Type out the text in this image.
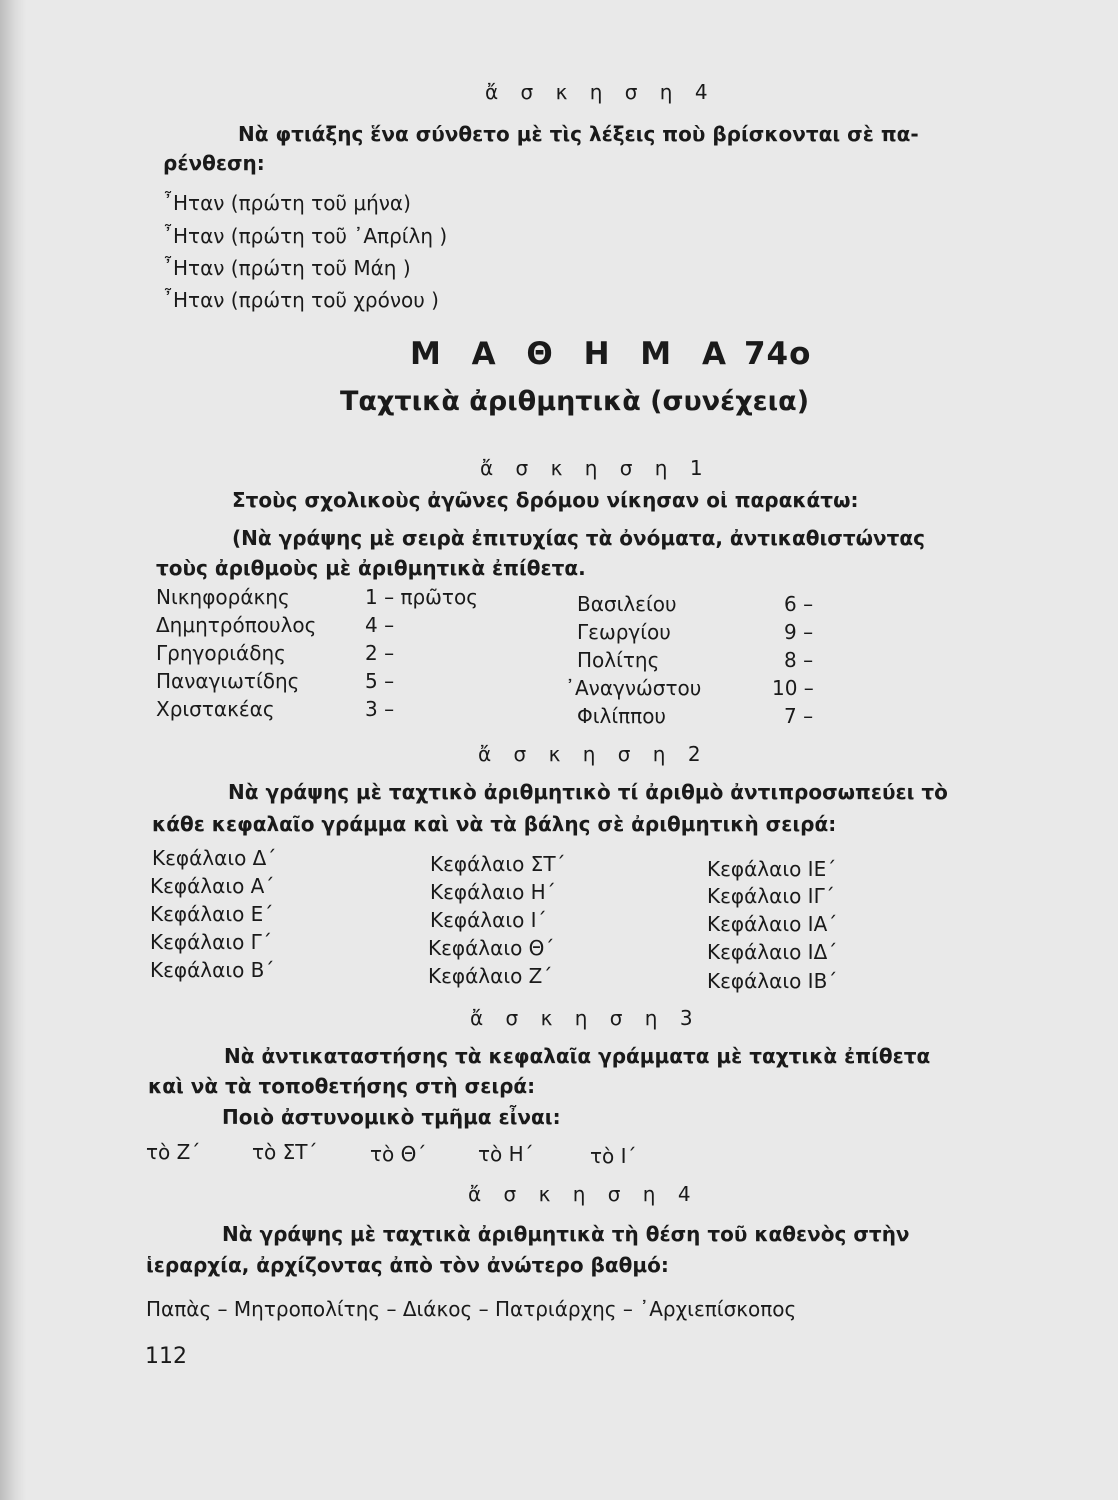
ἄ σ κ η σ η 4
Νὰ φτιάξης ἕνα σύνθετο μὲ τὶς λέξεις ποὺ βρίσκονται σὲ πα-
ρένθεση:
῏Ηταν (πρώτη τοῦ μήνα)
῏Ηταν (πρώτη τοῦ ᾿Απρίλη )
῏Ηταν (πρώτη τοῦ Μάη )
῏Ηταν (πρώτη τοῦ χρόνου )
Μ Α Θ Η Μ Α 74ο
Ταχτικὰ ἀριθμητικὰ (συνέχεια)
ἄ σ κ η σ η 1
Στοὺς σχολικοὺς ἀγῶνες δρόμου νίκησαν οἱ παρακάτω:
(Νὰ γράψης μὲ σειρὰ ἐπιτυχίας τὰ ὀνόματα, ἀντικαθιστώντας
τοὺς ἀριθμοὺς μὲ ἀριθμητικὰ ἐπίθετα.
Νικηφοράκης	1 – πρῶτος
Δημητρόπουλος 4 –
Γρηγοριάδης	2 –
Παναγιωτίδης	5 –
Χριστακέας	3 –
Βασιλείου	6 –
Γεωργίου	9 –
Πολίτης	8 –
᾿Αναγνώστου	10 –
Φιλίππου	7 –
ἄ σ κ η σ η 2
Νὰ γράψης μὲ ταχτικὸ ἀριθμητικὸ τί ἀριθμὸ ἀντιπροσωπεύει τὸ
κάθε κεφαλαῖο γράμμα καὶ νὰ τὰ βάλης σὲ ἀριθμητικὴ σειρά:
Κεφάλαιο Δ΄
Κεφάλαιο Α΄
Κεφάλαιο Ε΄
Κεφάλαιο Γ΄
Κεφάλαιο Β΄
Κεφάλαιο ΣΤ΄
Κεφάλαιο Η΄
Κεφάλαιο Ι΄
Κεφάλαιο Θ΄
Κεφάλαιο Ζ΄
Κεφάλαιο ΙΕ΄
Κεφάλαιο ΙΓ΄
Κεφάλαιο ΙΑ΄
Κεφάλαιο ΙΔ΄
Κεφάλαιο ΙΒ΄
ἄ σ κ η σ η 3
Νὰ ἀντικαταστήσης τὰ κεφαλαῖα γράμματα μὲ ταχτικὰ ἐπίθετα
καὶ νὰ τὰ τοποθετήσης στὴ σειρά:
Ποιὸ ἀστυνομικὸ τμῆμα εἶναι:
τὸ Ζ΄	τὸ ΣΤ΄	τὸ Θ΄	τὸ Η΄	τὸ Ι΄
ἄ σ κ η σ η 4
Νὰ γράψης μὲ ταχτικὰ ἀριθμητικὰ τὴ θέση τοῦ καθενὸς στὴν
ἱεραρχία, ἀρχίζοντας ἀπὸ τὸν ἀνώτερο βαθμό:
Παπὰς – Μητροπολίτης – Διάκος – Πατριάρχης – ᾿Αρχιεπίσκοπος
112
